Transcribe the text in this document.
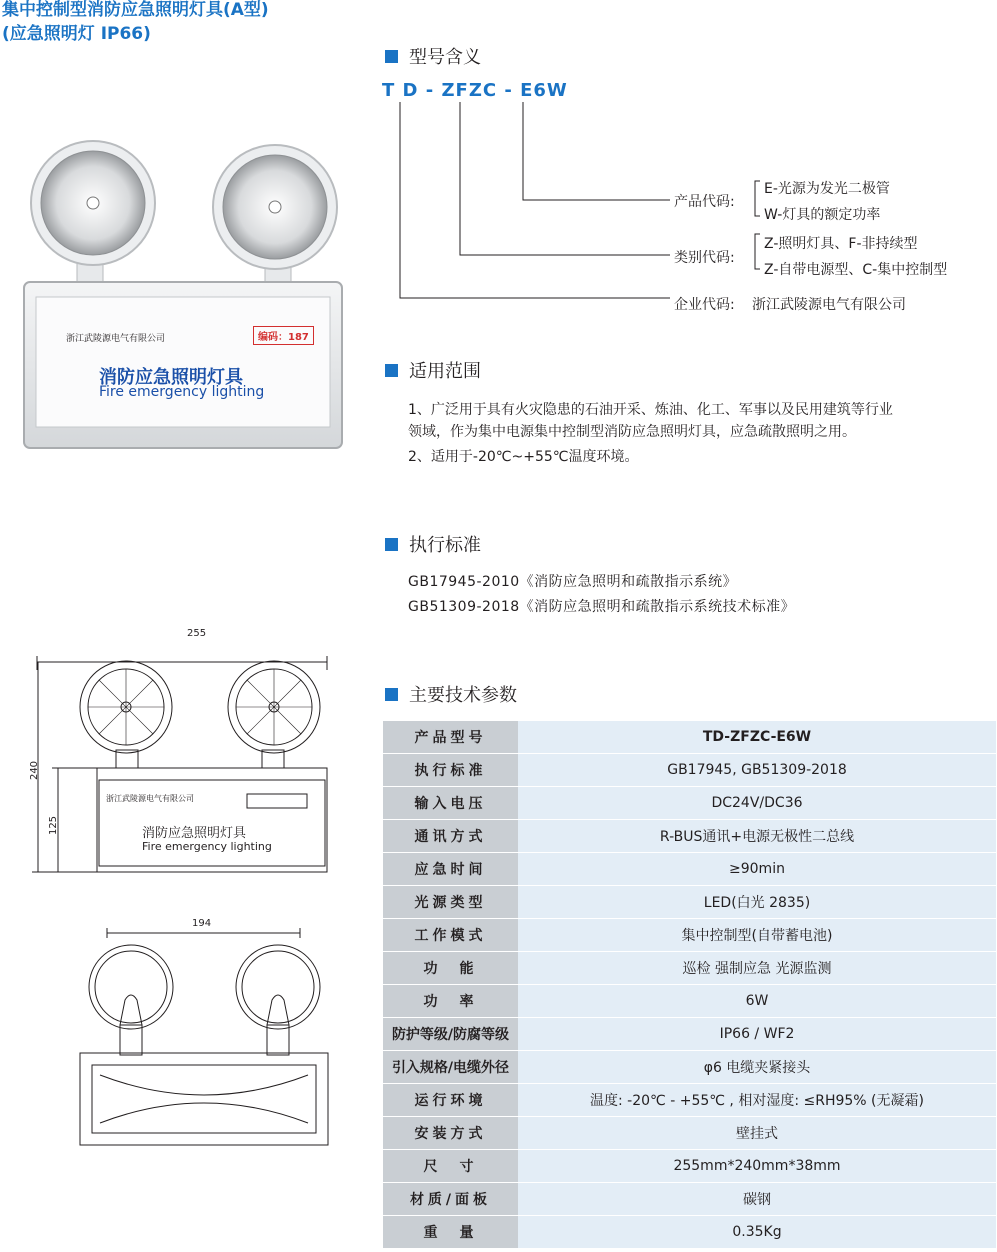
集中控制型消防应急照明灯具(A型)
(应急照明灯 IP66)
浙江武陵源电气有限公司	编码：187
消防应急照明灯具
Fire emergency lighting
型号含义
T D - ZFZC - E6W
产品代码:
E-光源为发光二极管
W-灯具的额定功率
类别代码:
Z-照明灯具、F-非持续型
Z-自带电源型、C-集中控制型
企业代码: 浙江武陵源电气有限公司
适用范围
1、广泛用于具有火灾隐患的石油开采、炼油、化工、军事以及民用建筑等行业
领域，作为集中电源集中控制型消防应急照明灯具，应急疏散照明之用。
2、适用于-20℃~+55℃温度环境。
执行标准
GB17945-2010《消防应急照明和疏散指示系统》
GB51309-2018《消防应急照明和疏散指示系统技术标准》
255
240
125
浙江武陵源电气有限公司
消防应急照明灯具
Fire emergency lighting
194
主要技术参数
产品型号	TD-ZFZC-E6W
执行标准	GB17945, GB51309-2018
输入电压	DC24V/DC36
通讯方式	R-BUS通讯+电源无极性二总线
应急时间	≥90min
光源类型	LED(白光 2835)
工作模式	集中控制型(自带蓄电池)
功　能	巡检 强制应急 光源监测
功　率	6W
防护等级/防腐等级	IP66 / WF2
引入规格/电缆外径	φ6 电缆夹紧接头
运行环境	温度: -20℃ - +55℃ , 相对湿度: ≤RH95% (无凝霜)
安装方式	壁挂式
尺　寸	255mm*240mm*38mm
材质/面板	碳钢
重　量	0.35Kg
